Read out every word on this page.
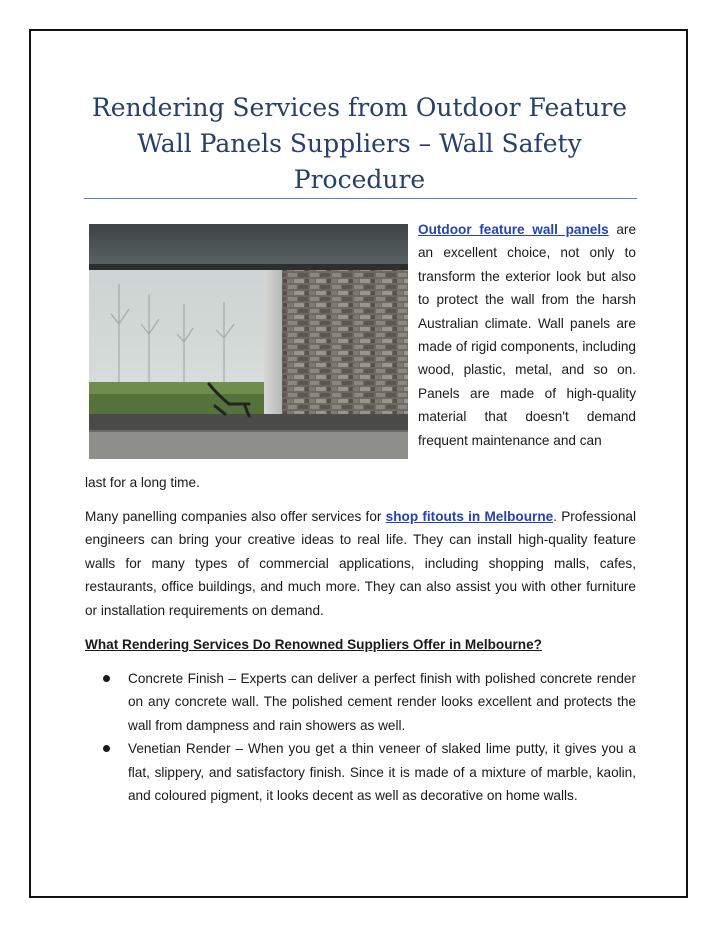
Rendering Services from Outdoor Feature Wall Panels Suppliers – Wall Safety Procedure

Outdoor feature wall panels are an excellent choice, not only to transform the exterior look but also to protect the wall from the harsh Australian climate. Wall panels are made of rigid components, including wood, plastic, metal, and so on. Panels are made of high-quality material that doesn't demand frequent maintenance and can

last for a long time.

Many panelling companies also offer services for shop fitouts in Melbourne. Professional engineers can bring your creative ideas to real life. They can install high-quality feature walls for many types of commercial applications, including shopping malls, cafes, restaurants, office buildings, and much more. They can also assist you with other furniture or installation requirements on demand.

What Rendering Services Do Renowned Suppliers Offer in Melbourne?

Concrete Finish – Experts can deliver a perfect finish with polished concrete render on any concrete wall. The polished cement render looks excellent and protects the wall from dampness and rain showers as well.
Venetian Render – When you get a thin veneer of slaked lime putty, it gives you a flat, slippery, and satisfactory finish. Since it is made of a mixture of marble, kaolin, and coloured pigment, it looks decent as well as decorative on home walls.
